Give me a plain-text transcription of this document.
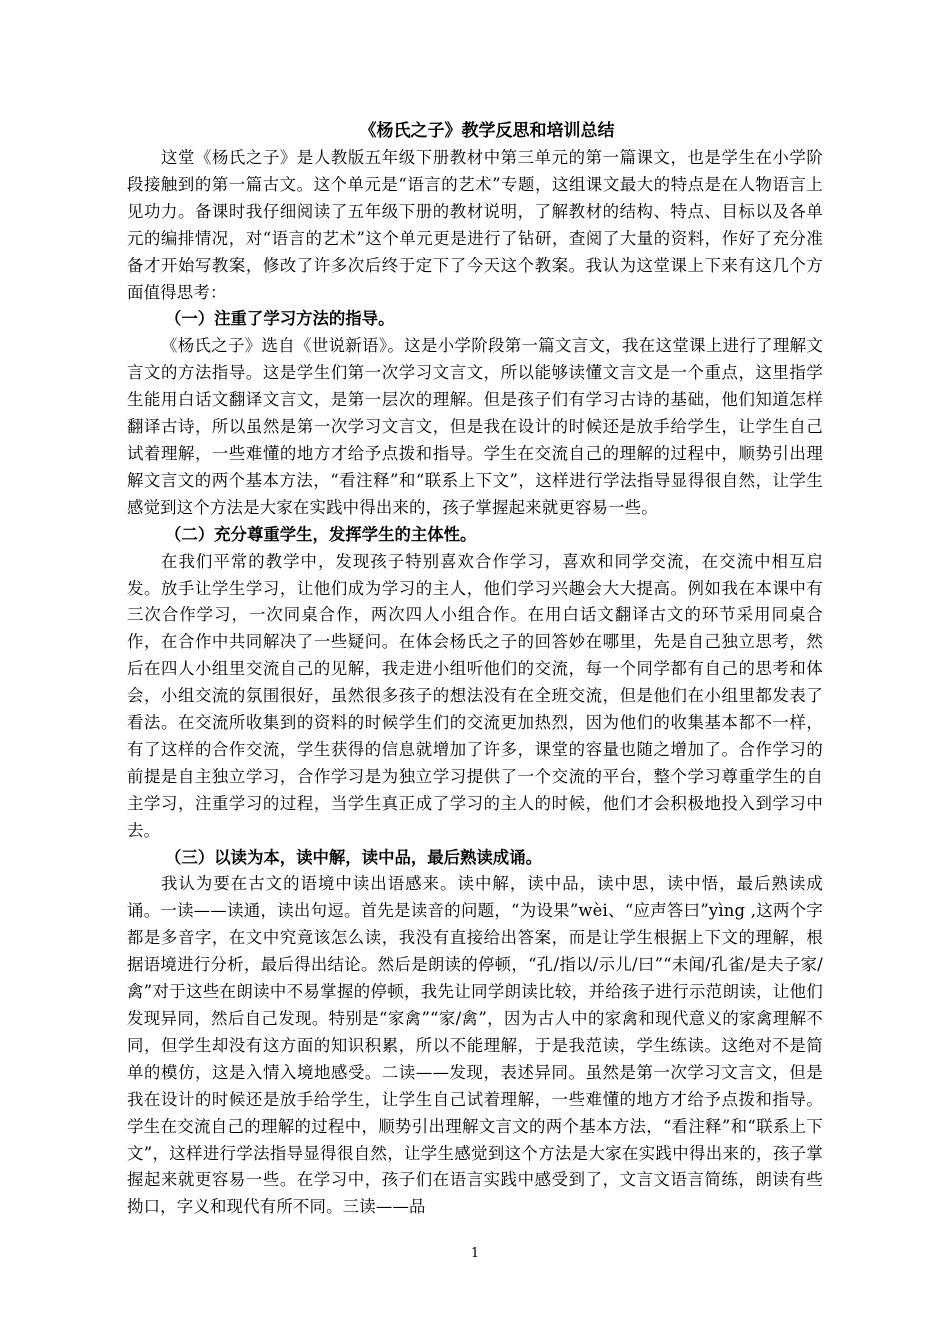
《杨氏之子》教学反思和培训总结

这堂《杨氏之子》是人教版五年级下册教材中第三单元的第一篇课文，也是学生在小学阶段接触到的第一篇古文。这个单元是“语言的艺术”专题，这组课文最大的特点是在人物语言上见功力。备课时我仔细阅读了五年级下册的教材说明，了解教材的结构、特点、目标以及各单元的编排情况，对“语言的艺术”这个单元更是进行了钻研，查阅了大量的资料，作好了充分准备才开始写教案，修改了许多次后终于定下了今天这个教案。我认为这堂课上下来有这几个方面值得思考：

（一）注重了学习方法的指导。

《杨氏之子》选自《世说新语》。这是小学阶段第一篇文言文，我在这堂课上进行了理解文言文的方法指导。这是学生们第一次学习文言文，所以能够读懂文言文是一个重点，这里指学生能用白话文翻译文言文，是第一层次的理解。但是孩子们有学习古诗的基础，他们知道怎样翻译古诗，所以虽然是第一次学习文言文，但是我在设计的时候还是放手给学生，让学生自己试着理解，一些难懂的地方才给予点拨和指导。学生在交流自己的理解的过程中，顺势引出理解文言文的两个基本方法，“看注释”和“联系上下文”，这样进行学法指导显得很自然，让学生感觉到这个方法是大家在实践中得出来的，孩子掌握起来就更容易一些。

（二）充分尊重学生，发挥学生的主体性。

在我们平常的教学中，发现孩子特别喜欢合作学习，喜欢和同学交流，在交流中相互启发。放手让学生学习，让他们成为学习的主人，他们学习兴趣会大大提高。例如我在本课中有三次合作学习，一次同桌合作，两次四人小组合作。在用白话文翻译古文的环节采用同桌合作，在合作中共同解决了一些疑问。在体会杨氏之子的回答妙在哪里，先是自己独立思考，然后在四人小组里交流自己的见解，我走进小组听他们的交流，每一个同学都有自己的思考和体会，小组交流的氛围很好，虽然很多孩子的想法没有在全班交流，但是他们在小组里都发表了看法。在交流所收集到的资料的时候学生们的交流更加热烈，因为他们的收集基本都不一样，有了这样的合作交流，学生获得的信息就增加了许多，课堂的容量也随之增加了。合作学习的前提是自主独立学习，合作学习是为独立学习提供了一个交流的平台，整个学习尊重学生的自主学习，注重学习的过程，当学生真正成了学习的主人的时候，他们才会积极地投入到学习中去。

（三）以读为本，读中解，读中品，最后熟读成诵。

我认为要在古文的语境中读出语感来。读中解，读中品，读中思，读中悟，最后熟读成诵。一读——读通，读出句逗。首先是读音的问题，“为设果”wèi、“应声答曰”yìng ,这两个字都是多音字，在文中究竟该怎么读，我没有直接给出答案，而是让学生根据上下文的理解，根据语境进行分析，最后得出结论。然后是朗读的停顿，“孔/指以/示儿/曰”“未闻/孔雀/是夫子家/禽”对于这些在朗读中不易掌握的停顿，我先让同学朗读比较，并给孩子进行示范朗读，让他们发现异同，然后自己发现。特别是“家禽”“家/禽”，因为古人中的家禽和现代意义的家禽理解不同，但学生却没有这方面的知识积累，所以不能理解，于是我范读，学生练读。这绝对不是简单的模仿，这是入情入境地感受。二读——发现，表述异同。虽然是第一次学习文言文，但是我在设计的时候还是放手给学生，让学生自己试着理解，一些难懂的地方才给予点拨和指导。学生在交流自己的理解的过程中，顺势引出理解文言文的两个基本方法，“看注释”和“联系上下文”，这样进行学法指导显得很自然，让学生感觉到这个方法是大家在实践中得出来的，孩子掌握起来就更容易一些。在学习中，孩子们在语言实践中感受到了，文言文语言简练，朗读有些拗口，字义和现代有所不同。三读——品

1
